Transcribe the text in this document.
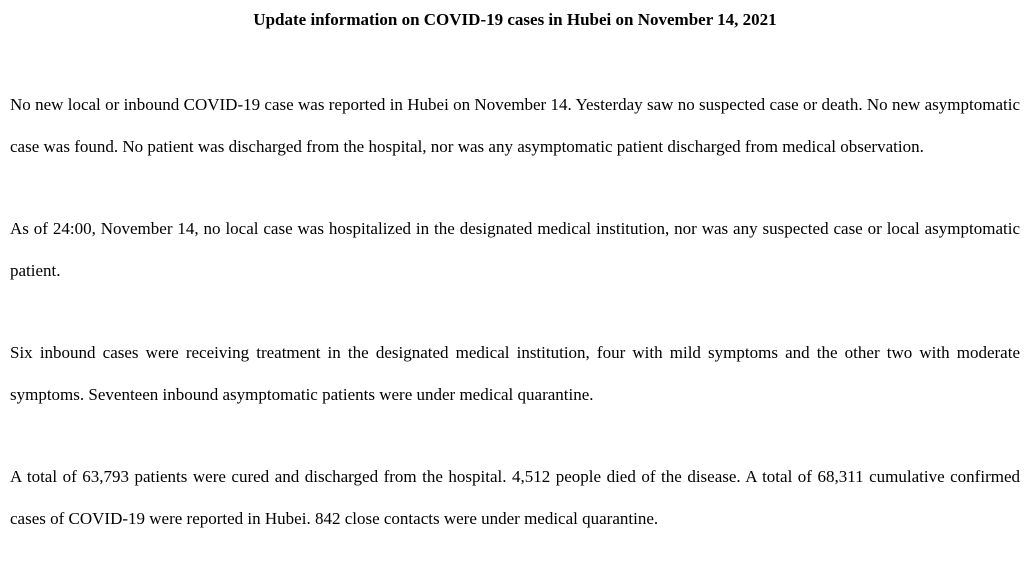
Update information on COVID-19 cases in Hubei on November 14, 2021

No new local or inbound COVID-19 case was reported in Hubei on November 14. Yesterday saw no suspected case or death. No new asymptomatic case was found. No patient was discharged from the hospital, nor was any asymptomatic patient discharged from medical observation.

As of 24:00, November 14, no local case was hospitalized in the designated medical institution, nor was any suspected case or local asymptomatic patient.

Six inbound cases were receiving treatment in the designated medical institution, four with mild symptoms and the other two with moderate symptoms. Seventeen inbound asymptomatic patients were under medical quarantine.

A total of 63,793 patients were cured and discharged from the hospital. 4,512 people died of the disease. A total of 68,311 cumulative confirmed cases of COVID-19 were reported in Hubei. 842 close contacts were under medical quarantine.
